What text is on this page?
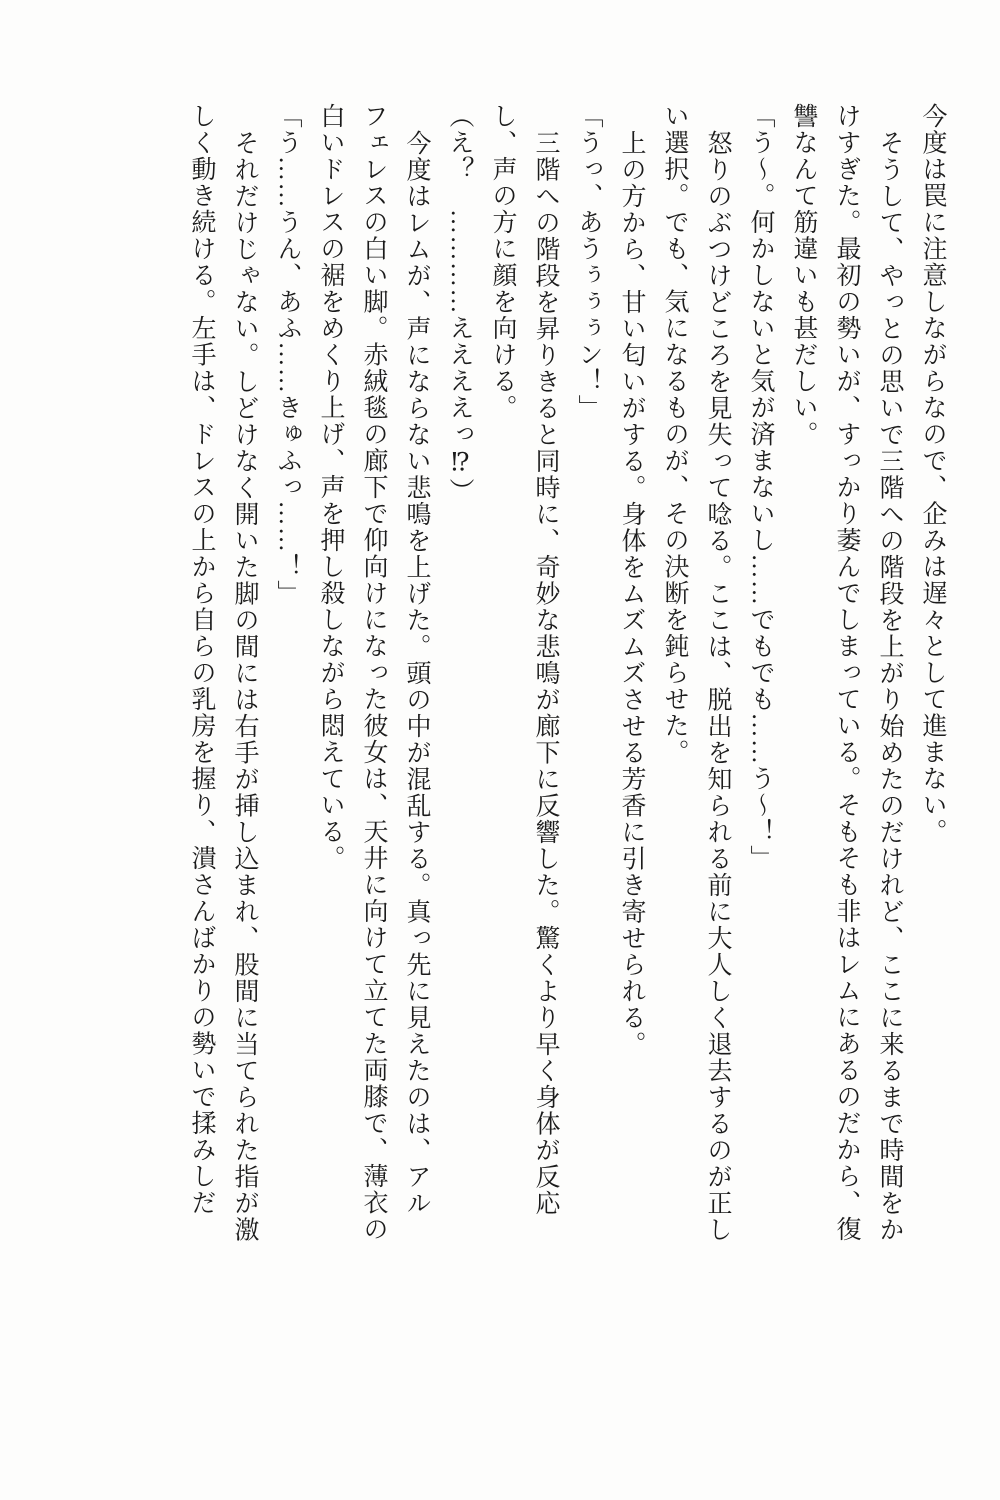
今度は罠に注意しながらなので、企みは遅々として進まない。

そうして、やっとの思いで三階への階段を上がり始めたのだけれど、ここに来るまで時間をか

けすぎた。最初の勢いが、すっかり萎んでしまっている。そもそも非はレムにあるのだから、復

讐なんて筋違いも甚だしい。

「う～。何かしないと気が済まないし……でもでも……う～！」

怒りのぶつけどころを見失って唸る。ここは、脱出を知られる前に大人しく退去するのが正し

い選択。でも、気になるものが、その決断を鈍らせた。

上の方から、甘い匂いがする。身体をムズムズさせる芳香に引き寄せられる。

「うっ、あうぅぅぅン！」

三階への階段を昇りきると同時に、奇妙な悲鳴が廊下に反響した。驚くより早く身体が反応

し、声の方に顔を向ける。

（え？　…………ええええっ⁉）

今度はレムが、声にならない悲鳴を上げた。頭の中が混乱する。真っ先に見えたのは、アル

フェレスの白い脚。赤絨毯の廊下で仰向けになった彼女は、天井に向けて立てた両膝で、薄衣の

白いドレスの裾をめくり上げ、声を押し殺しながら悶えている。

「う……うん、あふ……きゅふっ……！」

それだけじゃない。しどけなく開いた脚の間には右手が挿し込まれ、股間に当てられた指が激

しく動き続ける。左手は、ドレスの上から自らの乳房を握り、潰さんばかりの勢いで揉みしだ
